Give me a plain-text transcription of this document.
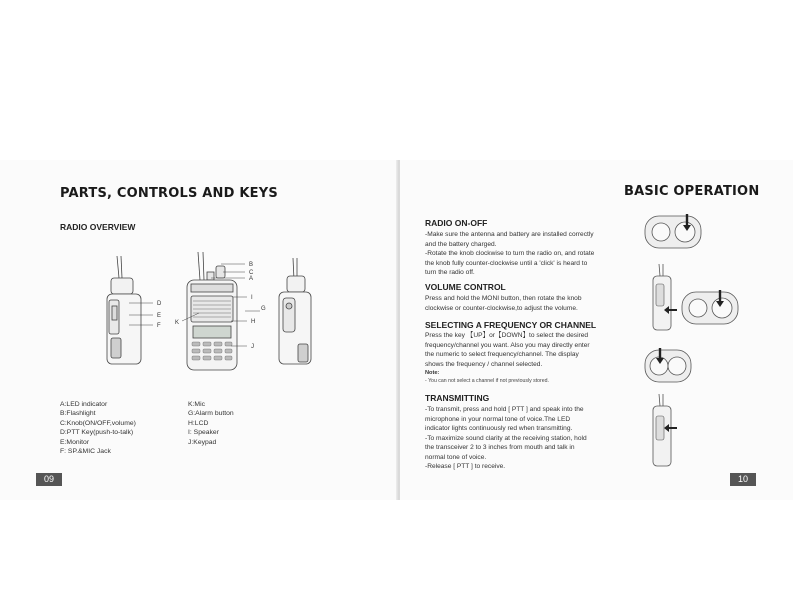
PARTS, CONTROLS AND KEYS
RADIO OVERVIEW
B
C
A
I
D
G
E
K	H
F
J
A:LED indicator
B:Flashlight
C:Knob(ON/OFF,volume)
D:PTT Key(push-to-talk)
E:Monitor
F: SP.&MIC Jack
K:Mic
G:Alarm button
H:LCD
I: Speaker
J:Keypad
09
BASIC OPERATION
RADIO ON-OFF
-Make sure the antenna and battery are installed correctly
and the battery charged.
-Rotate the knob clockwise to turn the radio on, and rotate
the knob fully counter-clockwise until a 'click' is heard to
turn the radio off.
VOLUME CONTROL
Press and hold the MONI button, then rotate the knob
clockwise or counter-clockwise,to adjust the volume.
SELECTING A FREQUENCY OR CHANNEL
Press the key 【UP】or【DOWN】to select the desired
frequency/channel you want. Also you may directly enter
the numeric to select frequency/channel. The display
shows the frequency / channel selected.
Note:
- You can not select a channel if not previously stored.
TRANSMITTING
-To transmit, press and hold [ PTT ] and speak into the
microphone in your normal tone of voice.The LED
indicator lights continuously red when transmitting.
-To maximize sound clarity at the receiving station, hold
the transceiver 2 to 3 inches from mouth and talk in
normal tone of voice.
-Release [ PTT ] to receive.
10
